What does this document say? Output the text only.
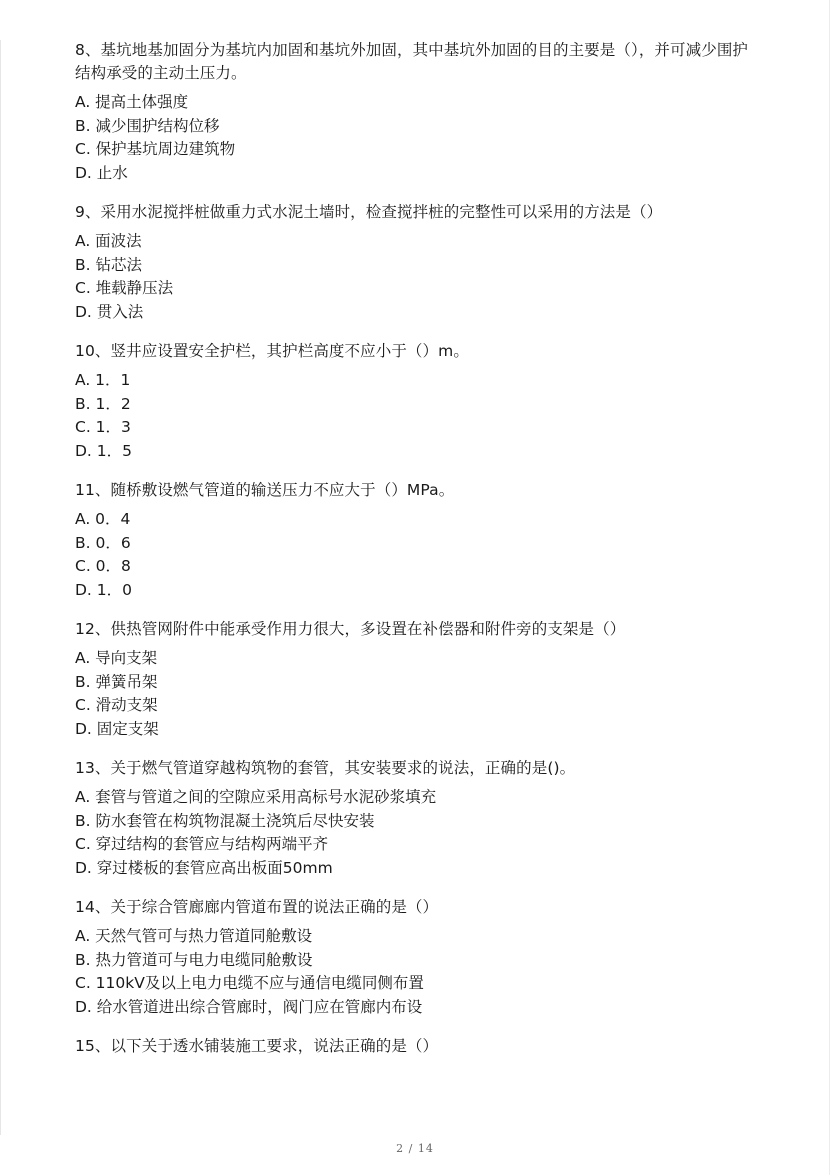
8、基坑地基加固分为基坑内加固和基坑外加固，其中基坑外加固的目的主要是（），并可减少围护结构承受的主动土压力。

A. 提高土体强度

B. 减少围护结构位移

C. 保护基坑周边建筑物

D. 止水

9、采用水泥搅拌桩做重力式水泥土墙时，检查搅拌桩的完整性可以采用的方法是（）

A. 面波法

B. 钻芯法

C. 堆载静压法

D. 贯入法

10、竖井应设置安全护栏，其护栏高度不应小于（）m。

A. 1．1

B. 1．2

C. 1．3

D. 1．5

11、随桥敷设燃气管道的输送压力不应大于（）MPa。

A. 0．4

B. 0．6

C. 0．8

D. 1．0

12、供热管网附件中能承受作用力很大，多设置在补偿器和附件旁的支架是（）

A. 导向支架

B. 弹簧吊架

C. 滑动支架

D. 固定支架

13、关于燃气管道穿越构筑物的套管，其安装要求的说法，正确的是()。

A. 套管与管道之间的空隙应采用高标号水泥砂浆填充

B. 防水套管在构筑物混凝土浇筑后尽快安装

C. 穿过结构的套管应与结构两端平齐

D. 穿过楼板的套管应高出板面50mm

14、关于综合管廊廊内管道布置的说法正确的是（）

A. 天然气管可与热力管道同舱敷设

B. 热力管道可与电力电缆同舱敷设

C. 110kV及以上电力电缆不应与通信电缆同侧布置

D. 给水管道进出综合管廊时，阀门应在管廊内布设

15、以下关于透水铺装施工要求，说法正确的是（）

2 / 14
